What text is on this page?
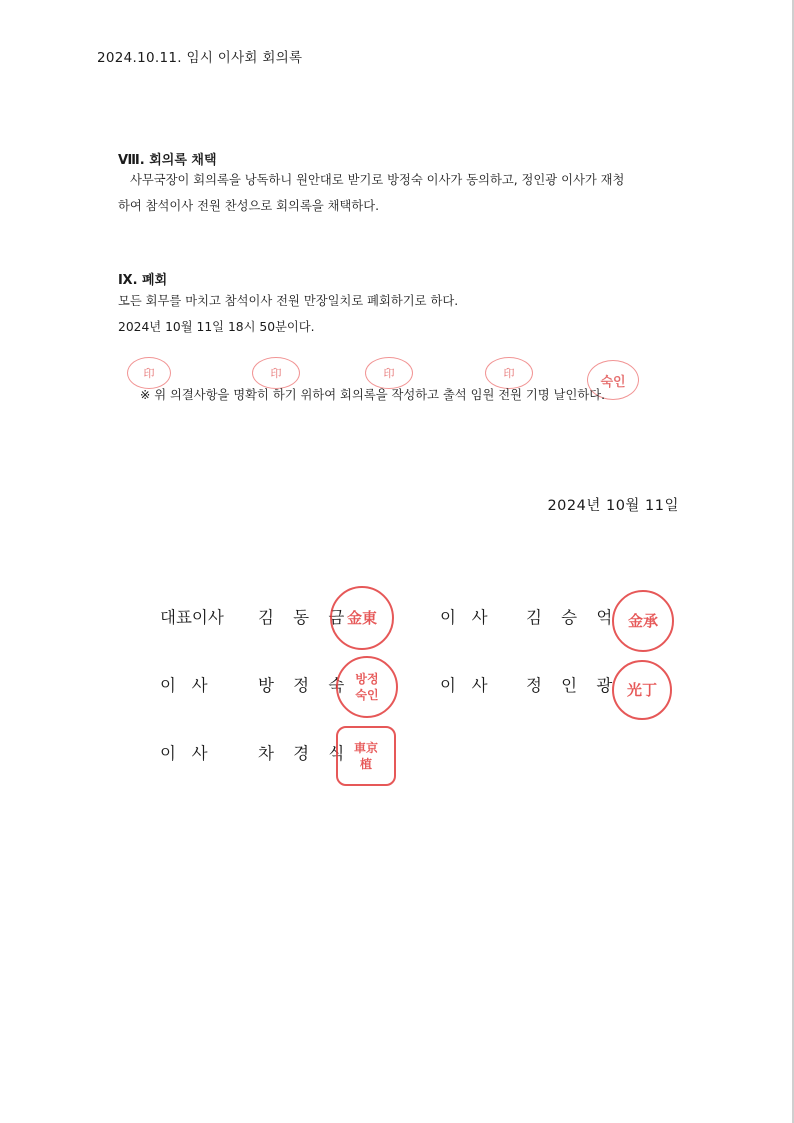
2024.10.11. 임시 이사회 회의록
Ⅷ. 회의록 채택
사무국장이 회의록을 낭독하니 원안대로 받기로 방정숙 이사가 동의하고, 정인광 이사가 재청
하여 참석이사 전원 찬성으로 회의록을 채택하다.
Ⅸ. 폐회
모든 회무를 마치고 참석이사 전원 만장일치로 폐회하기로 하다.
2024년 10월 11일 18시 50분이다.
印	印	印	印
숙인
※ 위 의결사항을 명확히 하기 위하여 회의록을 작성하고 출석 임원 전원 기명 날인하다.
2024년 10월 11일
대표이사 김 동 금 金東	이   사 김 승 억 金承
이   사	방 정 숙 방정숙인	이   사 정 인 광 光丁
이   사	차 경 식 車京植
